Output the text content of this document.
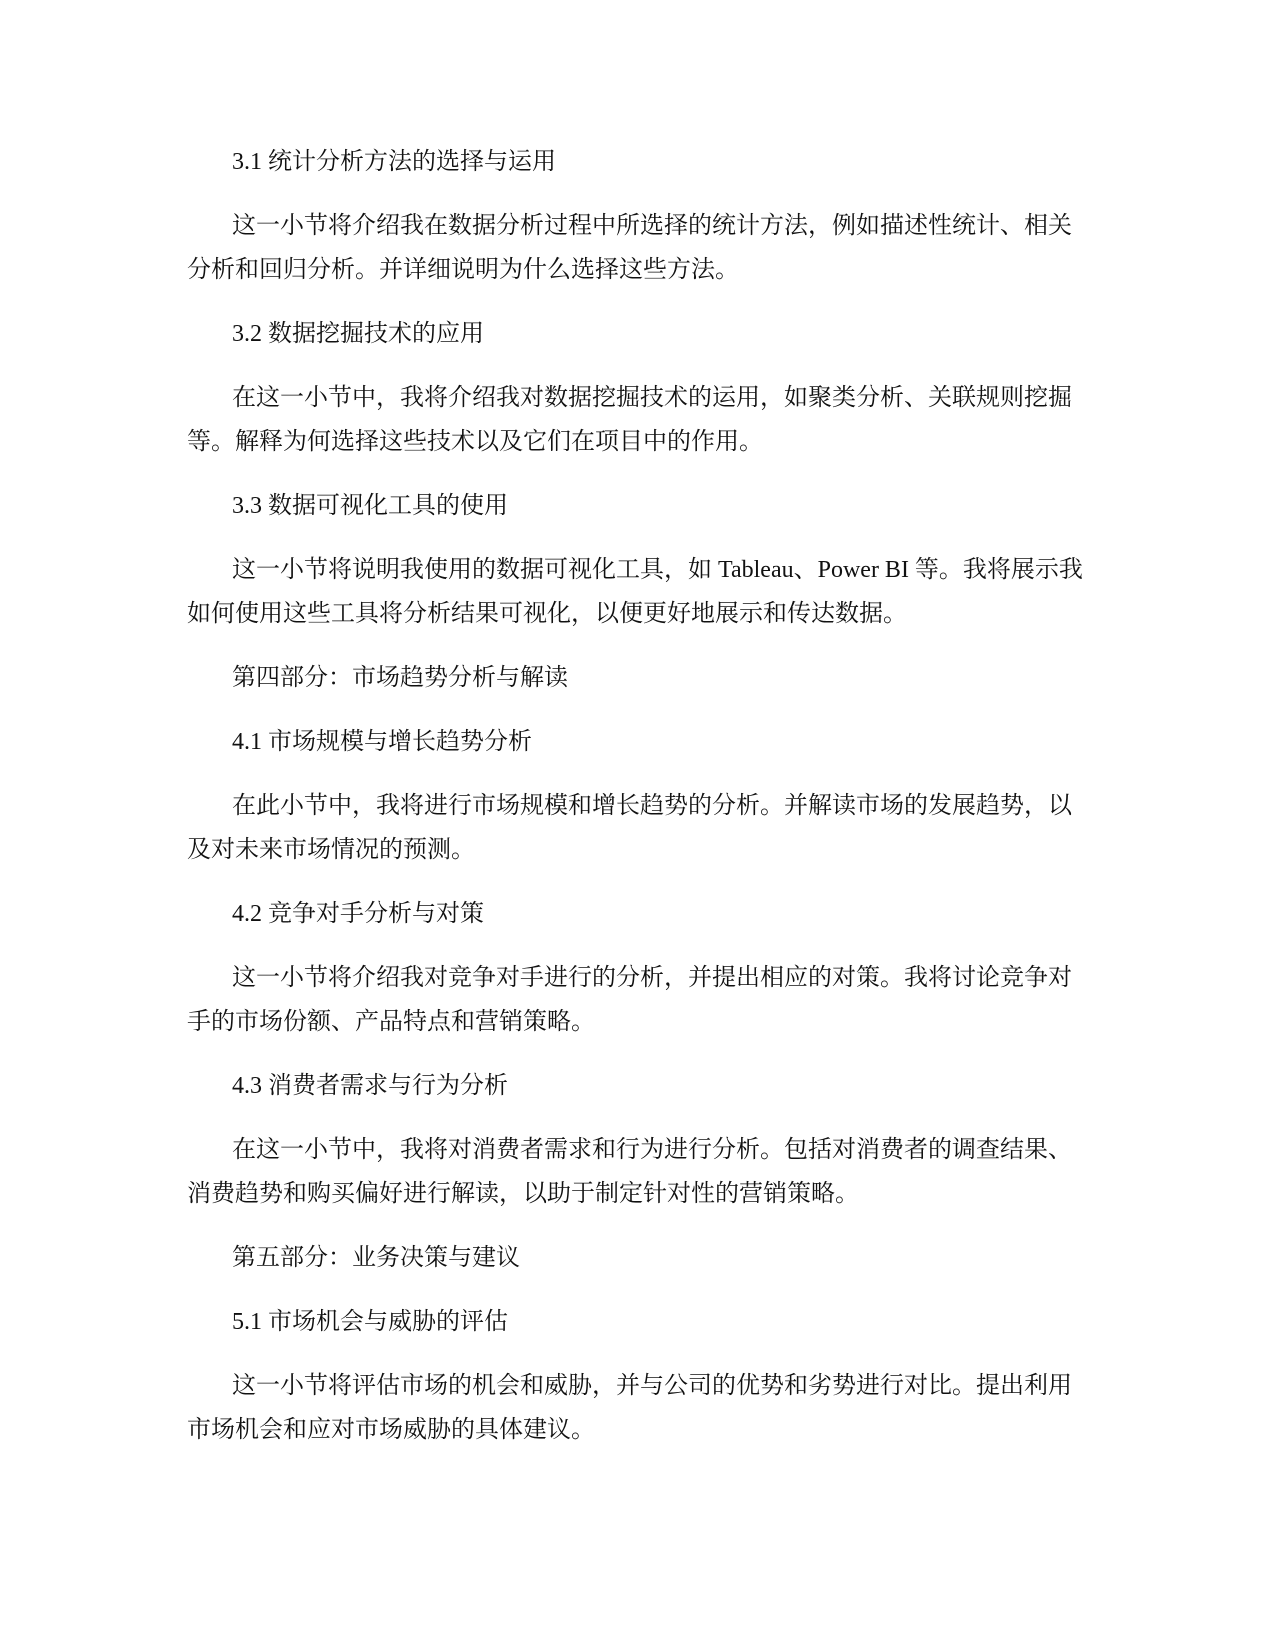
3.1 统计分析方法的选择与运用

这一小节将介绍我在数据分析过程中所选择的统计方法，例如描述性统计、相关分析和回归分析。并详细说明为什么选择这些方法。

3.2 数据挖掘技术的应用

在这一小节中，我将介绍我对数据挖掘技术的运用，如聚类分析、关联规则挖掘等。解释为何选择这些技术以及它们在项目中的作用。

3.3 数据可视化工具的使用

这一小节将说明我使用的数据可视化工具，如 Tableau、Power BI 等。我将展示我如何使用这些工具将分析结果可视化，以便更好地展示和传达数据。

第四部分：市场趋势分析与解读

4.1 市场规模与增长趋势分析

在此小节中，我将进行市场规模和增长趋势的分析。并解读市场的发展趋势，以及对未来市场情况的预测。

4.2 竞争对手分析与对策

这一小节将介绍我对竞争对手进行的分析，并提出相应的对策。我将讨论竞争对手的市场份额、产品特点和营销策略。

4.3 消费者需求与行为分析

在这一小节中，我将对消费者需求和行为进行分析。包括对消费者的调查结果、消费趋势和购买偏好进行解读，以助于制定针对性的营销策略。

第五部分：业务决策与建议

5.1 市场机会与威胁的评估

这一小节将评估市场的机会和威胁，并与公司的优势和劣势进行对比。提出利用市场机会和应对市场威胁的具体建议。
